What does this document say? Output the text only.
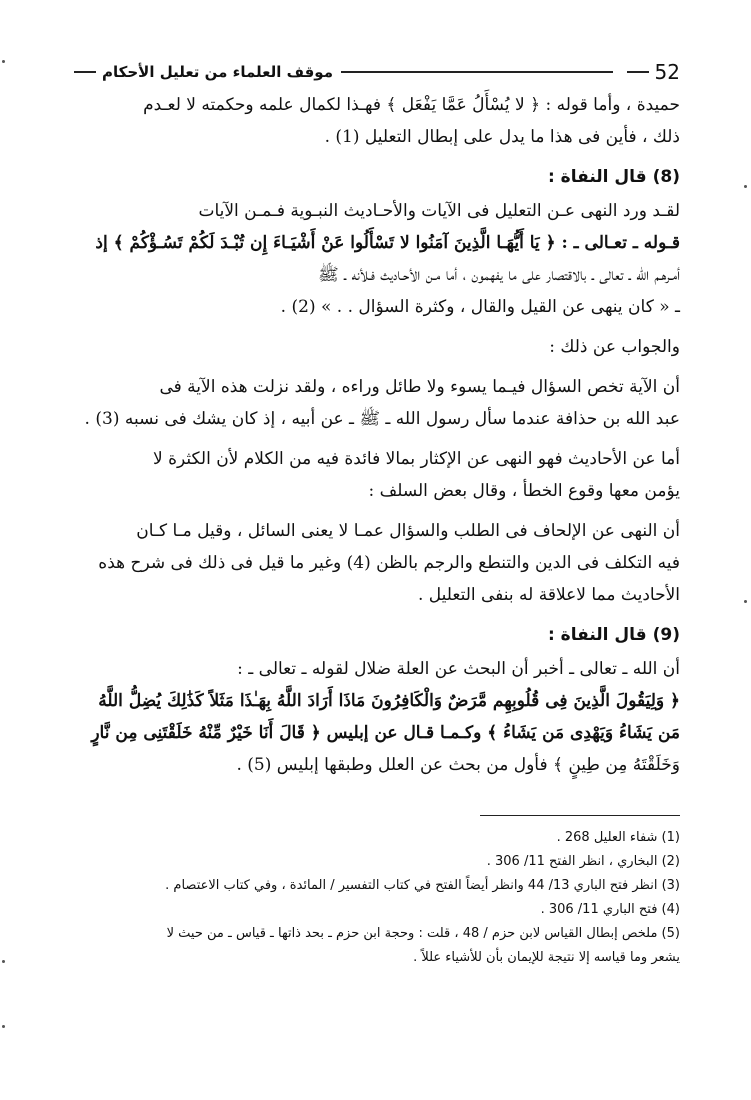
52
موقف العلماء من تعليل الأحكام

حميدة ، وأما قوله : ﴿ لا يُسْأَلُ عَمَّا يَفْعَل ﴾ فهـذا لكمال علمه وحكمته لا لعـدم

ذلك ، فأين فى هذا ما يدل على إبطال التعليل (1) .

(8) قال النفاة :

لقـد ورد النهى عـن التعليل فى الآيات والأحـاديث النبـوية فـمـن الآيات

قـوله ـ تعـالى ـ : ﴿ يَا أَيُّهَـا الَّذِينَ آمَنُوا لا تَسْأَلُوا عَنْ أَشْيَـاءَ إِن تُبْـدَ لَكُمْ تَسُـؤْكُمْ ﴾ إذ

أمـرهـم الله ـ تعالى ـ بالاقتصار على ما يفهمون ، أما مـن الأحـاديث فـلأنه ـ ﷺ

ـ « كان ينهى عن القيل والقال ، وكثرة السؤال . . » (2) .

والجواب عن ذلك :

أن الآية تخص السؤال فيـما يسوء ولا طائل وراءه ، ولقد نزلت هذه الآية فى

عبد الله بن حذافة عندما سأل رسول الله ـ ﷺ ـ عن أبيه ، إذ كان يشك فى نسبه (3) .

أما عن الأحاديث فهو النهى عن الإكثار بمالا فائدة فيه من الكلام لأن الكثرة لا

يؤمن معها وقوع الخطأ ، وقال بعض السلف :

أن النهى عن الإلحاف فى الطلب والسؤال عمـا لا يعنى السائل ، وقيل مـا كـان

فيه التكلف فى الدين والتنطع والرجم بالظن (4) وغير ما قيل فى ذلك فى شرح هذه

الأحاديث مما لاعلاقة له بنفى التعليل .

(9) قال النفاة :

أن الله ـ تعالى ـ أخبر أن البحث عن العلة ضلال لقوله ـ تعالى ـ :

﴿ وَلِيَقُولَ الَّذِينَ فِى قُلُوبِهِم مَّرَضٌ وَالْكَافِرُونَ مَاذَا أَرَادَ اللَّهُ بِهَـٰذَا مَثَلاً كَذَٰلِكَ يُضِلُّ اللَّهُ

مَن يَشَاءُ وَيَهْدِى مَن يَشَاءُ ﴾ وكـمـا قـال عن إبليس ﴿ قَالَ أَنَا خَيْرٌ مِّنْهُ خَلَقْتَنِى مِن نَّارٍ

وَخَلَقْتَهُ مِن طِينٍ ﴾ فأول من بحث عن العلل وطبقها إبليس (5) .

(1) شفاء العليل 268 .

(2) البخاري ، انظر الفتح 11/ 306 .

(3) انظر فتح الباري 13/ 44 وانظر أيضاً الفتح في كتاب التفسير / المائدة ، وفي كتاب الاعتصام .

(4) فتح الباري 11/ 306 .

(5) ملخص إبطال القياس لابن حزم / 48 ، قلت : وحجة ابن حزم ـ بحد ذاتها ـ قياس ـ من حيث لا

يشعر وما قياسه إلا نتيجة للإيمان بأن للأشياء عللاً .
